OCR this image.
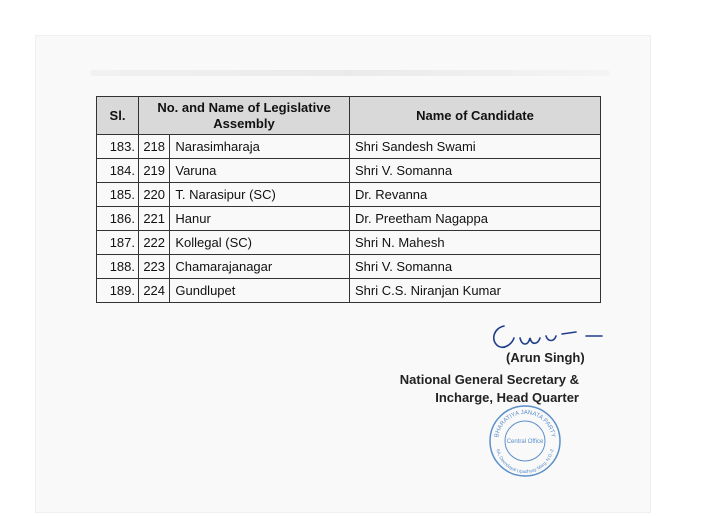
Sl.	No. and Name of Legislative Assembly		Name of Candidate
183.	218	Narasimharaja	Shri Sandesh Swami
184.	219	Varuna	Shri V. Somanna
185.	220	T. Narasipur (SC)	Dr. Revanna
186.	221	Hanur	Dr. Preetham Nagappa
187.	222	Kollegal (SC)	Shri N. Mahesh
188.	223	Chamarajanagar	Shri V. Somanna
189.	224	Gundlupet	Shri C.S. Niranjan Kumar
(Arun Singh)
National General Secretary &
Incharge, Head Quarter
BHARATIYA JANATA PARTY
6A, Deendayal Upadhyay Marg, N.D.-2
Central Office
